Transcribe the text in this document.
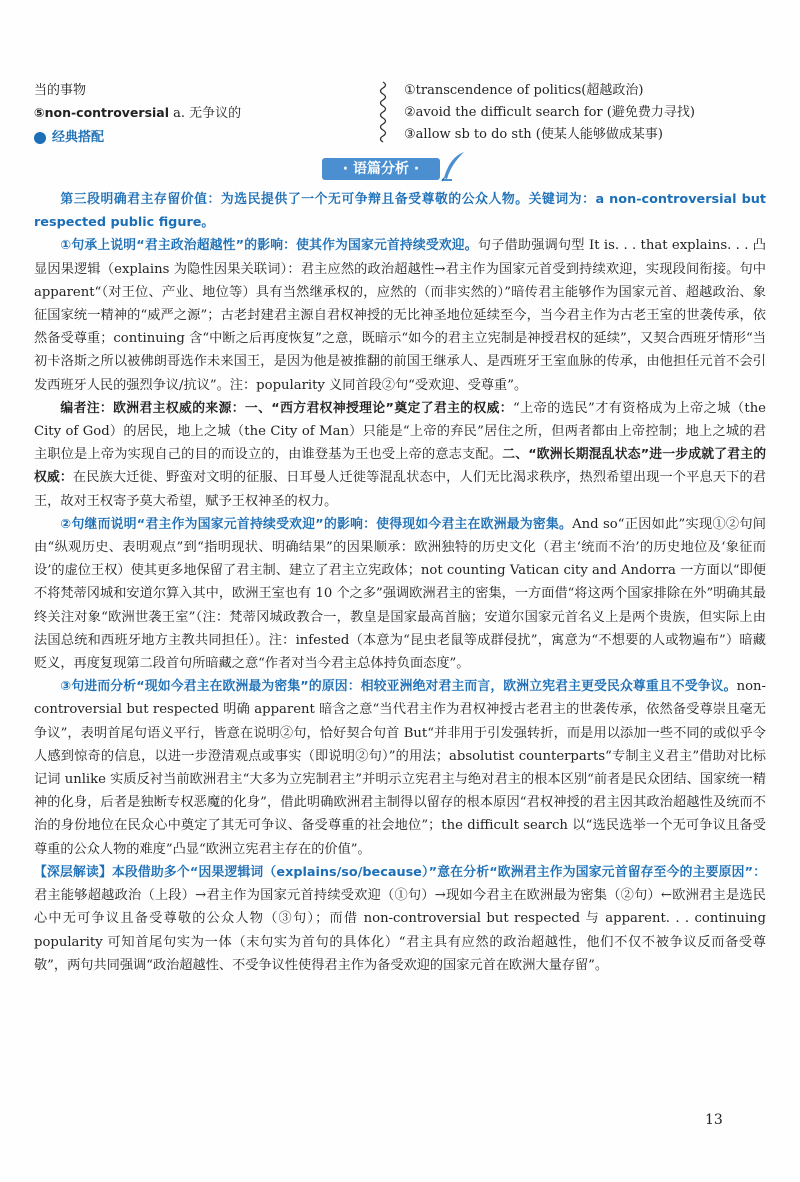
当的事物
⑤non-controversial a. 无争议的
经典搭配
①transcendence of politics(超越政治)
②avoid the difficult search for (避免费力寻找)
③allow sb to do sth (使某人能够做成某事)
· 语篇分析 ·

第三段明确君主存留价值：为选民提供了一个无可争辩且备受尊敬的公众人物。关键词为：a non-controversial but respected public figure。

①句承上说明“君主政治超越性”的影响：使其作为国家元首持续受欢迎。句子借助强调句型 It is. . . that explains. . . 凸显因果逻辑（explains 为隐性因果关联词）：君主应然的政治超越性→君主作为国家元首受到持续欢迎，实现段间衔接。句中 apparent“（对王位、产业、地位等）具有当然继承权的，应然的（而非实然的）”暗传君主能够作为国家元首、超越政治、象征国家统一精神的“威严之源”；古老封建君主源自君权神授的无比神圣地位延续至今，当今君主作为古老王室的世袭传承，依然备受尊重；continuing 含“中断之后再度恢复”之意，既暗示“如今的君主立宪制是神授君权的延续”，又契合西班牙情形“当初卡洛斯之所以被佛朗哥选作未来国王，是因为他是被推翻的前国王继承人、是西班牙王室血脉的传承，由他担任元首不会引发西班牙人民的强烈争议/抗议”。注：popularity 义同首段②句“受欢迎、受尊重”。

编者注：欧洲君主权威的来源：一、“西方君权神授理论”奠定了君主的权威：“上帝的选民”才有资格成为上帝之城（the City of God）的居民，地上之城（the City of Man）只能是“上帝的弃民”居住之所，但两者都由上帝控制；地上之城的君主职位是上帝为实现自己的目的而设立的，由谁登基为王也受上帝的意志支配。二、“欧洲长期混乱状态”进一步成就了君主的权威：在民族大迁徙、野蛮对文明的征服、日耳曼人迁徙等混乱状态中，人们无比渴求秩序，热烈希望出现一个平息天下的君王，故对王权寄予莫大希望，赋予王权神圣的权力。

②句继而说明“君主作为国家元首持续受欢迎”的影响：使得现如今君主在欧洲最为密集。And so“正因如此”实现①②句间由“纵观历史、表明观点”到“指明现状、明确结果”的因果顺承：欧洲独特的历史文化（君主‘统而不治’的历史地位及‘象征而设’的虚位王权）使其更多地保留了君主制、建立了君主立宪政体；not counting Vatican city and Andorra 一方面以“即便不将梵蒂冈城和安道尔算入其中，欧洲王室也有 10 个之多”强调欧洲君主的密集，一方面借“将这两个国家排除在外”明确其最终关注对象“欧洲世袭王室”（注：梵蒂冈城政教合一，教皇是国家最高首脑；安道尔国家元首名义上是两个贵族，但实际上由法国总统和西班牙地方主教共同担任）。注：infested（本意为“昆虫老鼠等成群侵扰”，寓意为“不想要的人或物遍布”）暗藏贬义，再度复现第二段首句所暗藏之意“作者对当今君主总体持负面态度”。

③句进而分析“现如今君主在欧洲最为密集”的原因：相较亚洲绝对君主而言，欧洲立宪君主更受民众尊重且不受争议。non-controversial but respected 明确 apparent 暗含之意“当代君主作为君权神授古老君主的世袭传承，依然备受尊崇且毫无争议”，表明首尾句语义平行，皆意在说明②句，恰好契合句首 But“并非用于引发强转折，而是用以添加一些不同的或似乎令人感到惊奇的信息，以进一步澄清观点或事实（即说明②句）”的用法；absolutist counterparts“专制主义君主”借助对比标记词 unlike 实质反衬当前欧洲君主“大多为立宪制君主”并明示立宪君主与绝对君主的根本区别“前者是民众团结、国家统一精神的化身，后者是独断专权恶魔的化身”，借此明确欧洲君主制得以留存的根本原因“君权神授的君主因其政治超越性及统而不治的身份地位在民众心中奠定了其无可争议、备受尊重的社会地位”；the difficult search 以“选民选举一个无可争议且备受尊重的公众人物的难度”凸显“欧洲立宪君主存在的价值”。

【深层解读】本段借助多个“因果逻辑词（explains/so/because）”意在分析“欧洲君主作为国家元首留存至今的主要原因”：君主能够超越政治（上段）→君主作为国家元首持续受欢迎（①句）→现如今君主在欧洲最为密集（②句）←欧洲君主是选民心中无可争议且备受尊敬的公众人物（③句）；而借 non-controversial but respected 与 apparent. . . continuing popularity 可知首尾句实为一体（末句实为首句的具体化）“君主具有应然的政治超越性，他们不仅不被争议反而备受尊敬”，两句共同强调“政治超越性、不受争议性使得君主作为备受欢迎的国家元首在欧洲大量存留”。

13
